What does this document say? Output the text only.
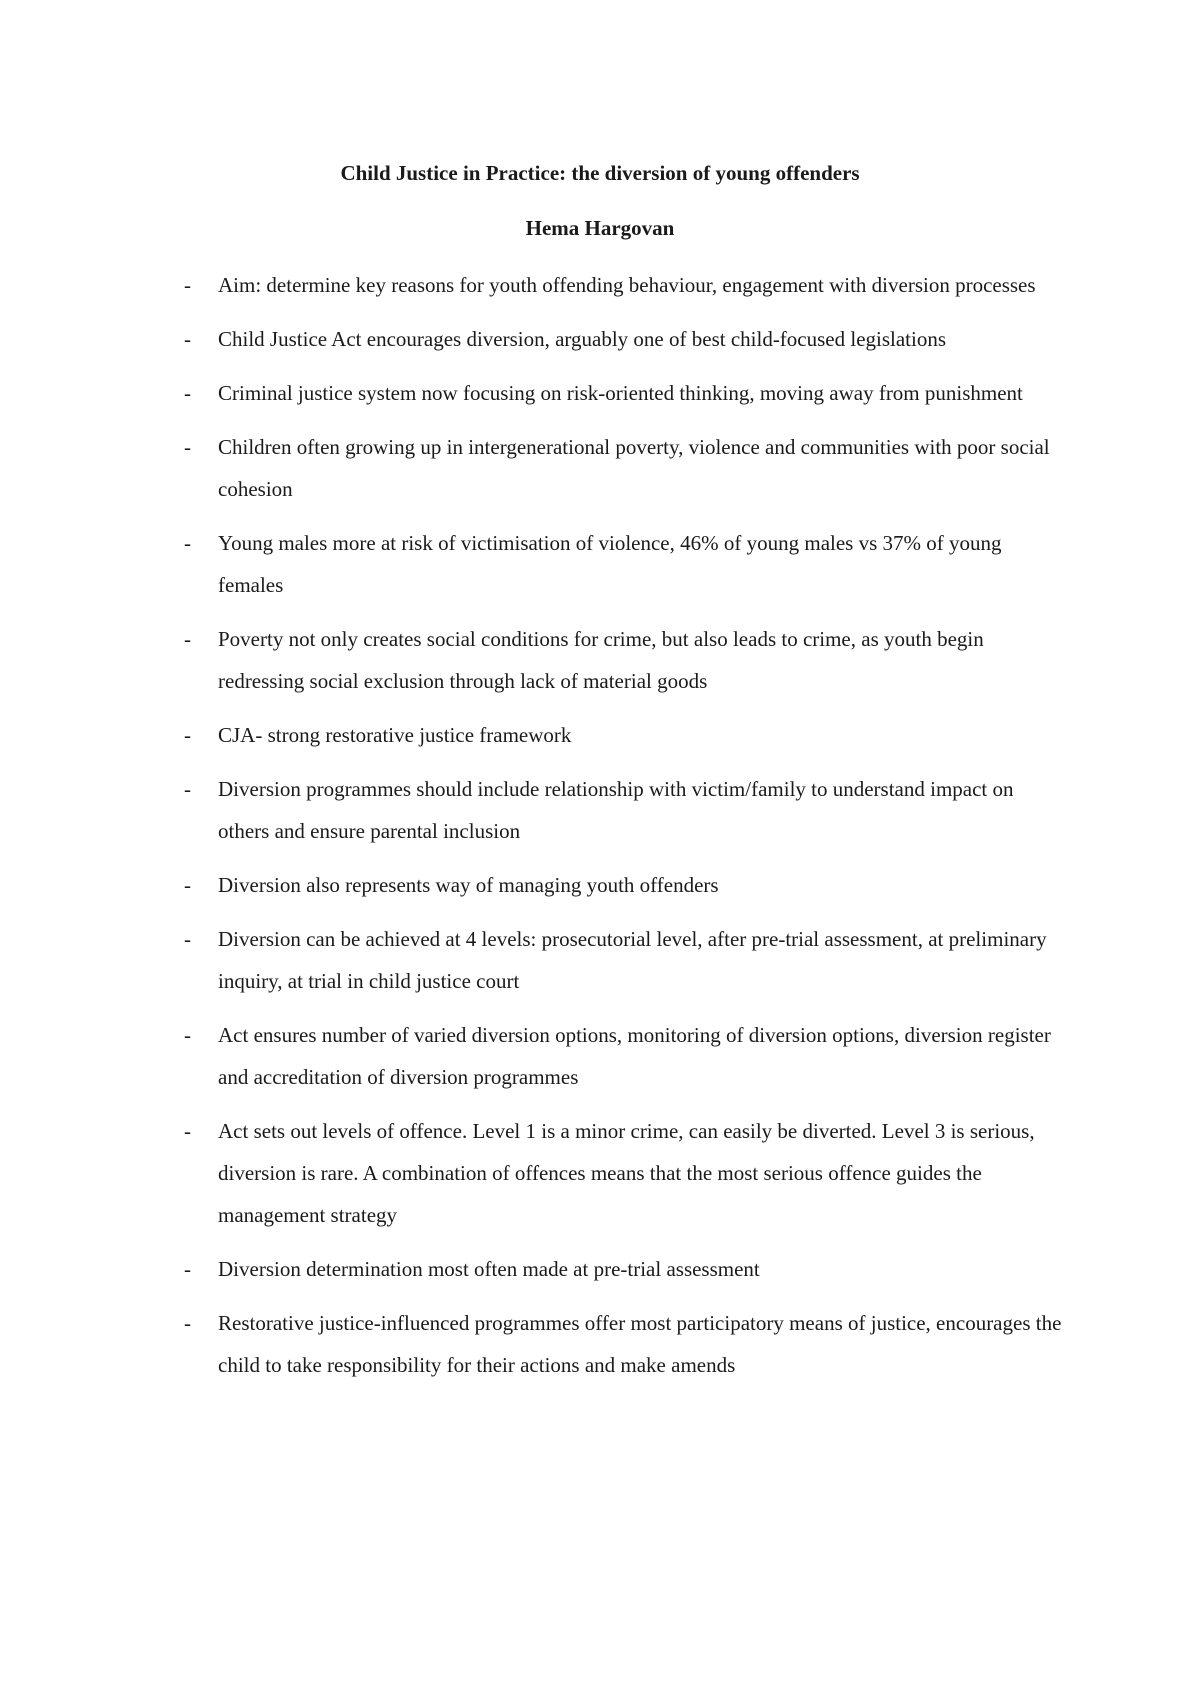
Child Justice in Practice: the diversion of young offenders
Hema Hargovan
- Aim: determine key reasons for youth offending behaviour, engagement with diversion processes
- Child Justice Act encourages diversion, arguably one of best child-focused legislations
- Criminal justice system now focusing on risk-oriented thinking, moving away from punishment
- Children often growing up in intergenerational poverty, violence and communities with poor social cohesion
- Young males more at risk of victimisation of violence, 46% of young males vs 37% of young females
- Poverty not only creates social conditions for crime, but also leads to crime, as youth begin redressing social exclusion through lack of material goods
- CJA- strong restorative justice framework
- Diversion programmes should include relationship with victim/family to understand impact on others and ensure parental inclusion
- Diversion also represents way of managing youth offenders
- Diversion can be achieved at 4 levels: prosecutorial level, after pre-trial assessment, at preliminary inquiry, at trial in child justice court
- Act ensures number of varied diversion options, monitoring of diversion options, diversion register and accreditation of diversion programmes
- Act sets out levels of offence. Level 1 is a minor crime, can easily be diverted. Level 3 is serious, diversion is rare. A combination of offences means that the most serious offence guides the management strategy
- Diversion determination most often made at pre-trial assessment
- Restorative justice-influenced programmes offer most participatory means of justice, encourages the child to take responsibility for their actions and make amends
